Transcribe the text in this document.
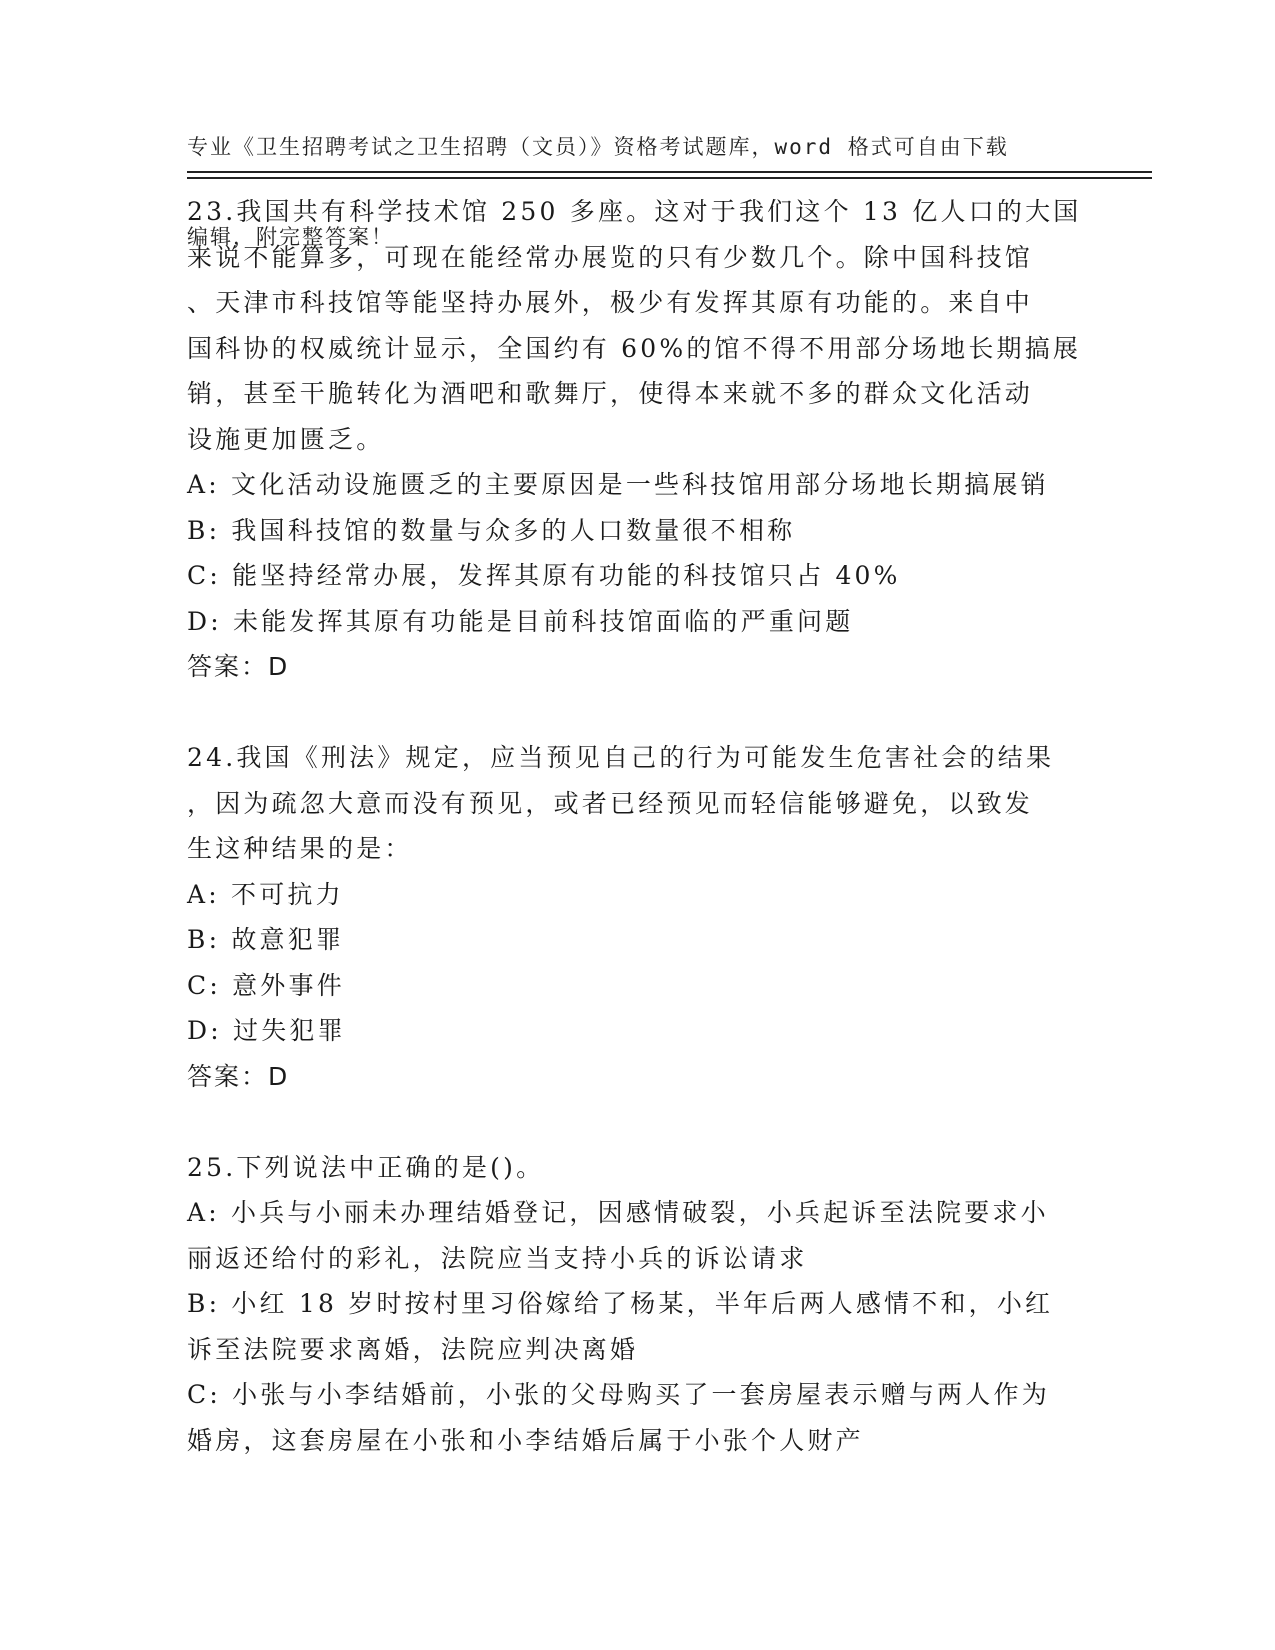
专业《卫生招聘考试之卫生招聘（文员）》资格考试题库，word 格式可自由下载

编辑，附完整答案！

23.我国共有科学技术馆 250 多座。这对于我们这个 13 亿人口的大国
来说不能算多，可现在能经常办展览的只有少数几个。除中国科技馆
、天津市科技馆等能坚持办展外，极少有发挥其原有功能的。来自中
国科协的权威统计显示，全国约有 60%的馆不得不用部分场地长期搞展
销，甚至干脆转化为酒吧和歌舞厅，使得本来就不多的群众文化活动
设施更加匮乏。
A: 文化活动设施匮乏的主要原因是一些科技馆用部分场地长期搞展销
B: 我国科技馆的数量与众多的人口数量很不相称
C: 能坚持经常办展，发挥其原有功能的科技馆只占 40%
D: 未能发挥其原有功能是目前科技馆面临的严重问题
答案：D
24.我国《刑法》规定，应当预见自己的行为可能发生危害社会的结果
，因为疏忽大意而没有预见，或者已经预见而轻信能够避免，以致发
生这种结果的是：
A: 不可抗力
B: 故意犯罪
C: 意外事件
D: 过失犯罪
答案：D
25.下列说法中正确的是()。
A: 小兵与小丽未办理结婚登记，因感情破裂，小兵起诉至法院要求小
丽返还给付的彩礼，法院应当支持小兵的诉讼请求
B: 小红 18 岁时按村里习俗嫁给了杨某，半年后两人感情不和，小红
诉至法院要求离婚，法院应判决离婚
C: 小张与小李结婚前，小张的父母购买了一套房屋表示赠与两人作为
婚房，这套房屋在小张和小李结婚后属于小张个人财产
